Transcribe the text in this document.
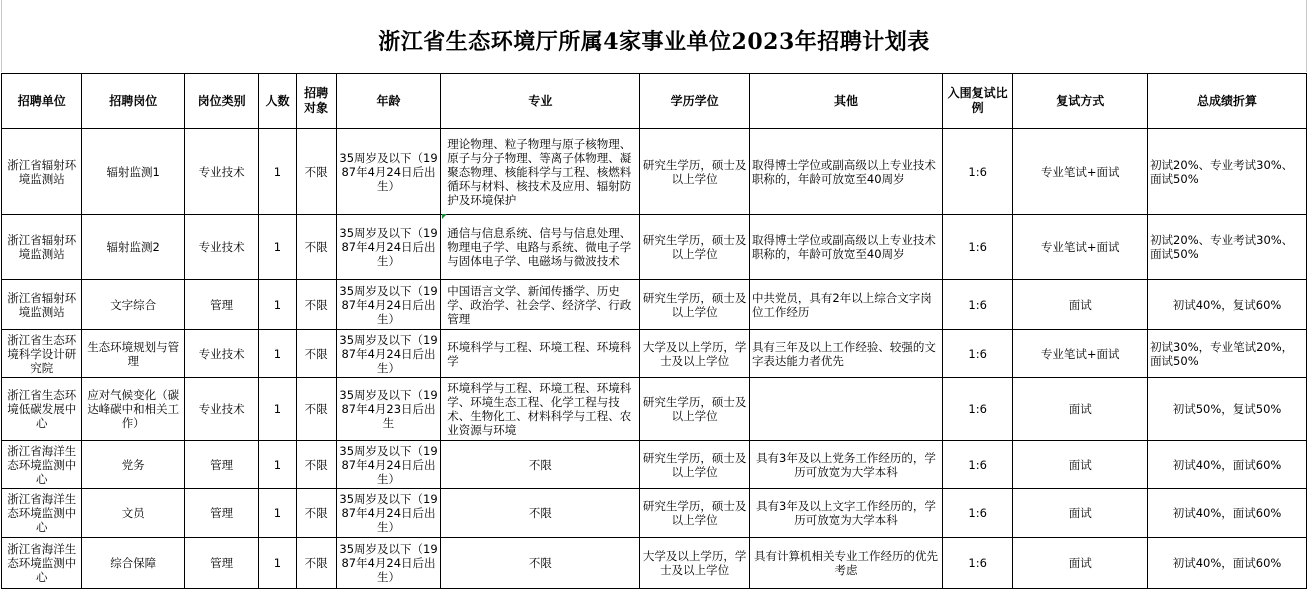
浙江省生态环境厅所属4家事业单位2023年招聘计划表
招聘单位	招聘岗位	岗位类别	人数	招聘对象	年龄	专业	学历学位	其他	入围复试比例	复试方式	总成绩折算
浙江省辐射环境监测站	辐射监测1	专业技术	1	不限	35周岁及以下（1987年4月24日后出生）	理论物理、粒子物理与原子核物理、原子与分子物理、等离子体物理、凝聚态物理、核能科学与工程、核燃料循环与材料、核技术及应用、辐射防护及环境保护	研究生学历，硕士及以上学位	取得博士学位或副高级以上专业技术职称的，年龄可放宽至40周岁	1:6	专业笔试+面试	初试20%、专业考试30%、面试50%
浙江省辐射环境监测站	辐射监测2	专业技术	1	不限	35周岁及以下（1987年4月24日后出生）	通信与信息系统、信号与信息处理、物理电子学、电路与系统、微电子学与固体电子学、电磁场与微波技术	研究生学历，硕士及以上学位	取得博士学位或副高级以上专业技术职称的，年龄可放宽至40周岁	1:6	专业笔试+面试	初试20%、专业考试30%、面试50%
浙江省辐射环境监测站	文字综合	管理	1	不限	35周岁及以下（1987年4月24日后出生）	中国语言文学、新闻传播学、历史学、政治学、社会学、经济学、行政管理	研究生学历，硕士及以上学位	中共党员，具有2年以上综合文字岗位工作经历	1:6	面试	初试40%，复试60%
浙江省生态环境科学设计研究院	生态环境规划与管理	专业技术	1	不限	35周岁及以下（1987年4月24日后出生）	环境科学与工程、环境工程、环境科学	大学及以上学历，学士及以上学位	具有三年及以上工作经验、较强的文字表达能力者优先	1:6	专业笔试+面试	初试30%，专业笔试20%，面试50%
浙江省生态环境低碳发展中心	应对气候变化（碳达峰碳中和相关工作）	专业技术	1	不限	35周岁及以下（1987年4月23日后出生	环境科学与工程、环境工程、环境科学、环境生态工程、化学工程与技术、生物化工、材料科学与工程、农业资源与环境	研究生学历，硕士及以上学位		1:6	面试	初试50%，复试50%
浙江省海洋生态环境监测中心	党务	管理	1	不限	35周岁及以下（1987年4月24日后出生）	不限	研究生学历，硕士及以上学位	具有3年及以上党务工作经历的，学历可放宽为大学本科	1:6	面试	初试40%，面试60%
浙江省海洋生态环境监测中心	文员	管理	1	不限	35周岁及以下（1987年4月24日后出生）	不限	研究生学历，硕士及以上学位	具有3年及以上文字工作经历的，学历可放宽为大学本科	1:6	面试	初试40%，面试60%
浙江省海洋生态环境监测中心	综合保障	管理	1	不限	35周岁及以下（1987年4月24日后出生）	不限	大学及以上学历，学士及以上学位	具有计算机相关专业工作经历的优先考虑	1:6	面试	初试40%，面试60%
